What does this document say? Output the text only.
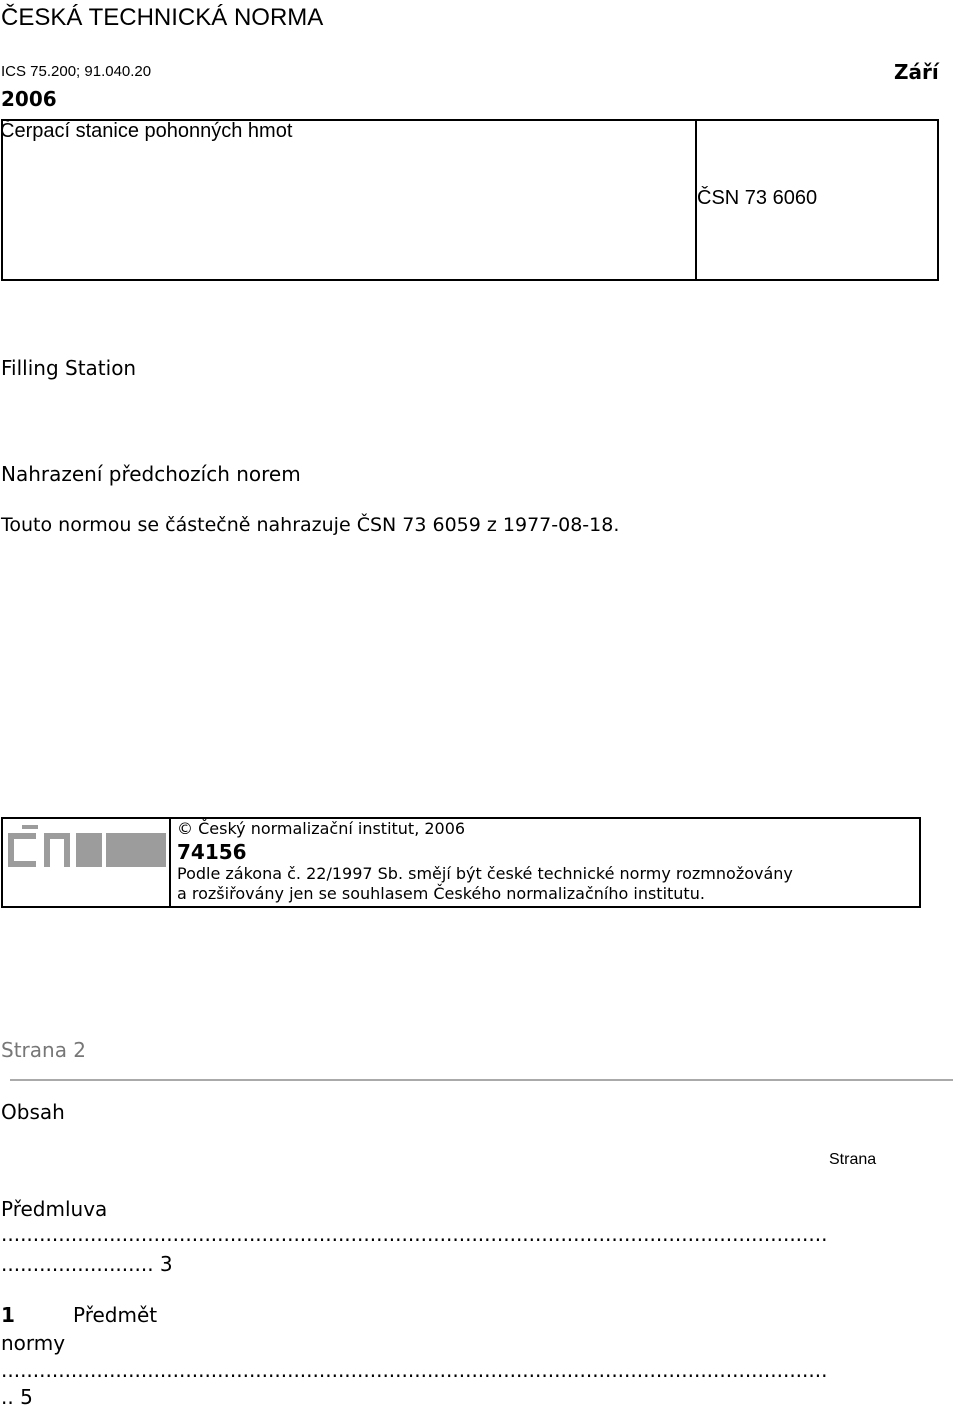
ČESKÁ TECHNICKÁ NORMA
ICS 75.200; 91.040.20	Září
2006
Čerpací stanice pohonných hmot
ČSN 73 6060
Filling Station
Nahrazení předchozích norem
Touto normou se částečně nahrazuje ČSN 73 6059 z 1977-08-18.
© Český normalizační institut, 2006
74156
Podle zákona č. 22/1997 Sb. smějí být české technické normy rozmnožovány
a rozšiřovány jen se souhlasem Českého normalizačního institutu.
Strana 2
Obsah
Strana
Předmluva
..................................................................................................................................
........................ 3
1	Předmět
normy
..................................................................................................................................
.. 5
